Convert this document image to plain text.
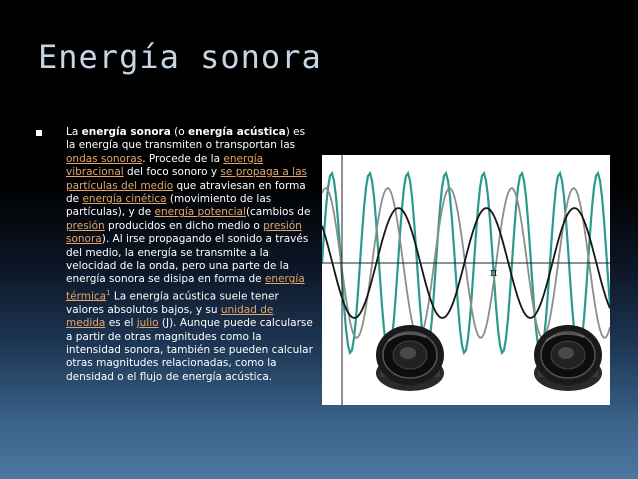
Energía sonora

La energía sonora (o energía acústica) es la energía que transmiten o transportan las ondas sonoras. Procede de la energía vibracional del foco sonoro y se propaga a las partículas del medio que atraviesan en forma de energía cinética (movimiento de las partículas), y de energía potencial(cambios de presión producidos en dicho medio o presión sonora). Al irse propagando el sonido a través del medio, la energía se transmite a la velocidad de la onda, pero una parte de la energía sonora se disipa en forma de energía térmica$^1$ La energía acústica suele tener valores absolutos bajos, y su unidad de medida es el julio (J). Aunque puede calcularse a partir de otras magnitudes como la intensidad sonora, también se pueden calcular otras magnitudes relacionadas, como la densidad o el flujo de energía acústica.

π
